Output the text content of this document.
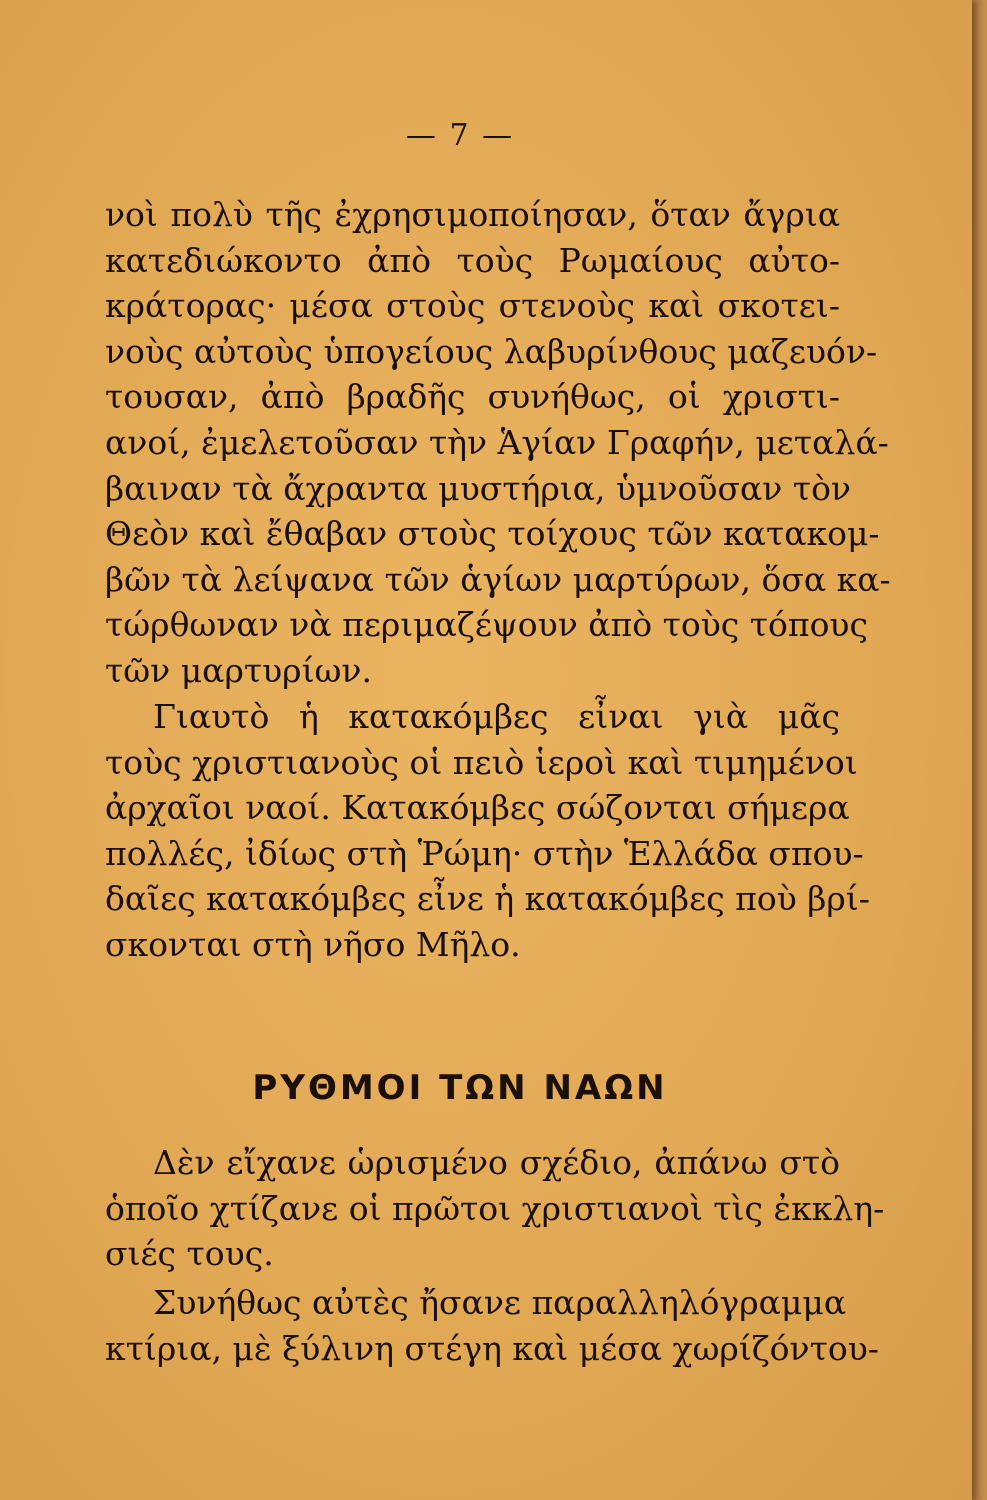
— 7 —
νοὶ πολὺ τῆς ἐχρησιμοποίησαν, ὅταν ἄγρια
κατεδιώκοντο ἀπὸ τοὺς Ρωμαίους αὐτο-
κράτορας· μέσα στοὺς στενοὺς καὶ σκοτει-
νοὺς αὐτοὺς ὑπογείους λαβυρίνθους μαζευόν-
τουσαν, ἀπὸ βραδῆς συνήθως, οἱ χριστι-
ανοί, ἐμελετοῦσαν τὴν Ἁγίαν Γραφήν, μεταλά-
βαιναν τὰ ἄχραντα μυστήρια, ὑμνοῦσαν τὸν
Θεὸν καὶ ἔθαβαν στοὺς τοίχους τῶν κατακομ-
βῶν τὰ λείψανα τῶν ἁγίων μαρτύρων, ὅσα κα-
τώρθωναν νὰ περιμαζέψουν ἀπὸ τοὺς τόπους
τῶν μαρτυρίων.
Γιαυτὸ ἡ κατακόμβες εἶναι γιὰ μᾶς
τοὺς χριστιανοὺς οἱ πειὸ ἱεροὶ καὶ τιμημένοι
ἀρχαῖοι ναοί. Κατακόμβες σώζονται σήμερα
πολλές, ἰδίως στὴ Ῥώμη· στὴν Ἑλλάδα σπου-
δαῖες κατακόμβες εἶνε ἡ κατακόμβες ποὺ βρί-
σκονται στὴ νῆσο Μῆλο.
ΡΥΘΜΟΙ ΤΩΝ ΝΑΩΝ
Δὲν εἴχανε ὡρισμένο σχέδιο, ἀπάνω στὸ
ὁποῖο χτίζανε οἱ πρῶτοι χριστιανοὶ τὶς ἐκκλη-
σιές τους.
Συνήθως αὐτὲς ἤσανε παραλληλόγραμμα
κτίρια, μὲ ξύλινη στέγη καὶ μέσα χωρίζόντου-
